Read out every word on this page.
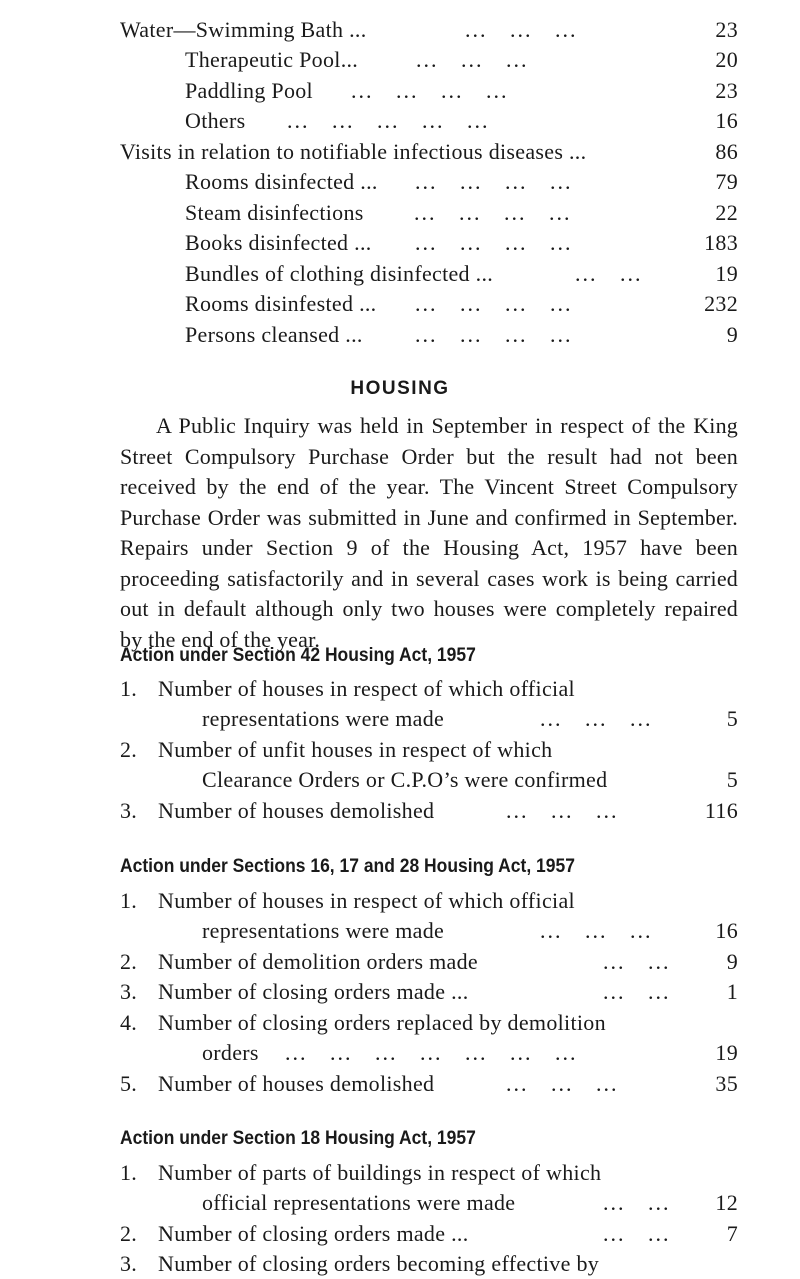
Water—Swimming Bath ...	...   ...   ...	23
Therapeutic Pool...	...   ...   ...	20
Paddling Pool ...   ...   ...   ...	23
Others ...   ...   ...   ...   ...	16
Visits in relation to notifiable infectious diseases ...	86
Rooms disinfected ... ...   ...   ...   ...	79
Steam disinfections ...   ...   ...   ...	22
Books disinfected ... ...   ...   ...   ...	183
Bundles of clothing disinfected ...	...   ...	19
Rooms disinfested ... ...   ...   ...   ...	232
Persons cleansed ... ...   ...   ...   ...	9
HOUSING
A Public Inquiry was held in September in respect of the King Street Compulsory Purchase Order but the result had not been received by the end of the year. The Vincent Street Compulsory Purchase Order was submitted in June and confirmed in September. Repairs under Section 9 of the Housing Act, 1957 have been proceeding satisfactorily and in several cases work is being carried out in default although only two houses were completely repaired by the end of the year.
Action under Section 42 Housing Act, 1957
1. Number of houses in respect of which official
representations were made	...   ...   ...	5
2. Number of unfit houses in respect of which
Clearance Orders or C.P.O’s were confirmed	5
3. Number of houses demolished	...   ...   ...	116
Action under Sections 16, 17 and 28 Housing Act, 1957
1. Number of houses in respect of which official
representations were made	...   ...   ...	16
2. Number of demolition orders made	...   ...	9
3. Number of closing orders made ...	...   ...	1
4. Number of closing orders replaced by demolition
orders ...   ...   ...   ...   ...   ...   ...	19
5. Number of houses demolished	...   ...   ...	35
Action under Section 18 Housing Act, 1957
1. Number of parts of buildings in respect of which
official representations were made	...   ... 12
2. Number of closing orders made ...	...   ...	7
3. Number of closing orders becoming effective by
